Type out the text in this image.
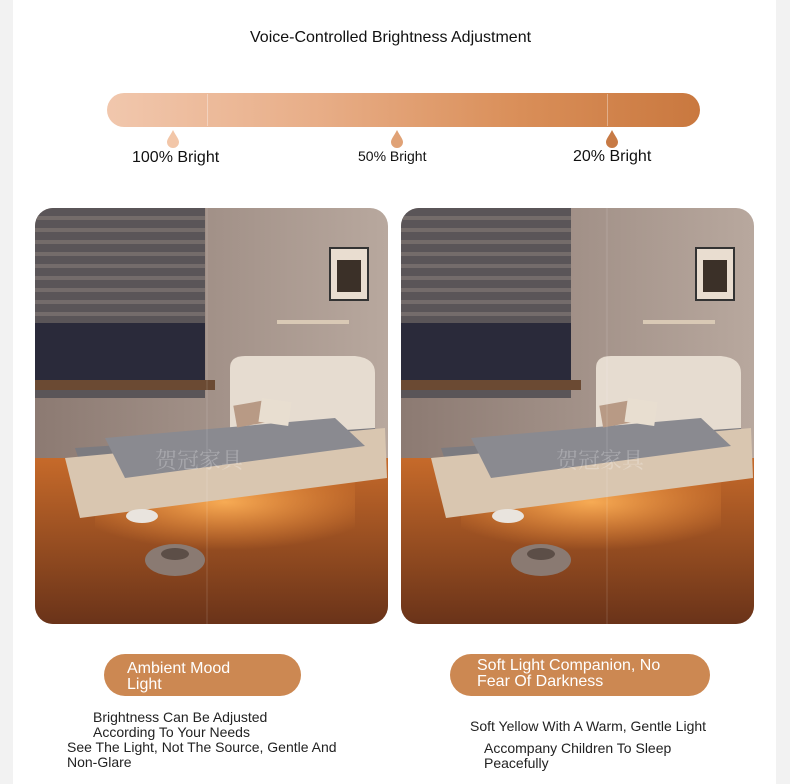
Voice-Controlled Brightness Adjustment
100% Bright	50% Bright	20% Bright
贺冠家具	贺冠家具
Ambient Mood
Light
Brightness Can Be Adjusted
According To Your Needs
See The Light, Not The Source, Gentle And
Non-Glare
Soft Light Companion, No
Fear Of Darkness
Soft Yellow With A Warm, Gentle Light
Accompany Children To Sleep
Peacefully
